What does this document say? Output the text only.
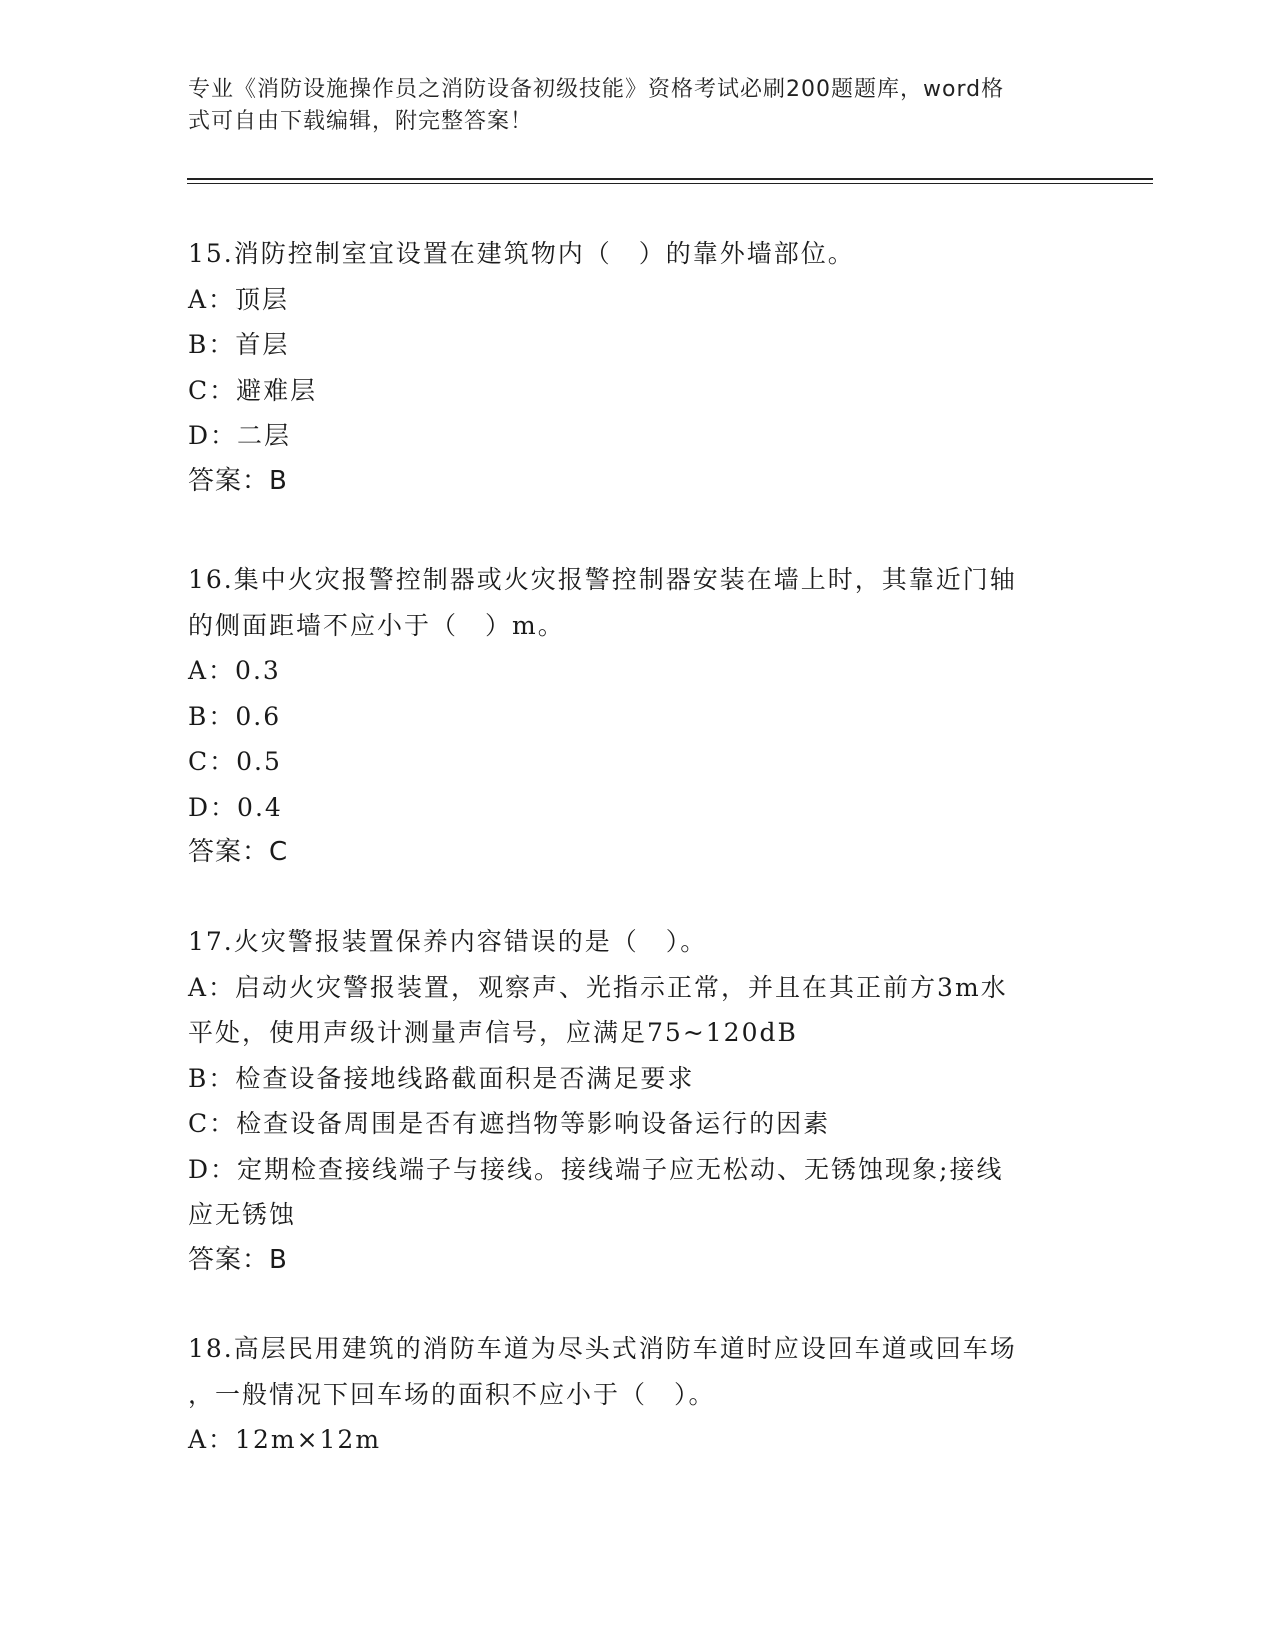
专业《消防设施操作员之消防设备初级技能》资格考试必刷200题题库，word格
式可自由下载编辑，附完整答案！
15.消防控制室宜设置在建筑物内（　）的靠外墙部位。
A：顶层
B：首层
C：避难层
D：二层
答案：B
16.集中火灾报警控制器或火灾报警控制器安装在墙上时，其靠近门轴
的侧面距墙不应小于（　）m。
A：0.3
B：0.6
C：0.5
D：0.4
答案：C
17.火灾警报装置保养内容错误的是（　）。
A：启动火灾警报装置，观察声、光指示正常，并且在其正前方3m水
平处，使用声级计测量声信号，应满足75~120dB
B：检查设备接地线路截面积是否满足要求
C：检查设备周围是否有遮挡物等影响设备运行的因素
D：定期检查接线端子与接线。接线端子应无松动、无锈蚀现象;接线
应无锈蚀
答案：B
18.高层民用建筑的消防车道为尽头式消防车道时应设回车道或回车场
，一般情况下回车场的面积不应小于（　）。
A：12m×12m
